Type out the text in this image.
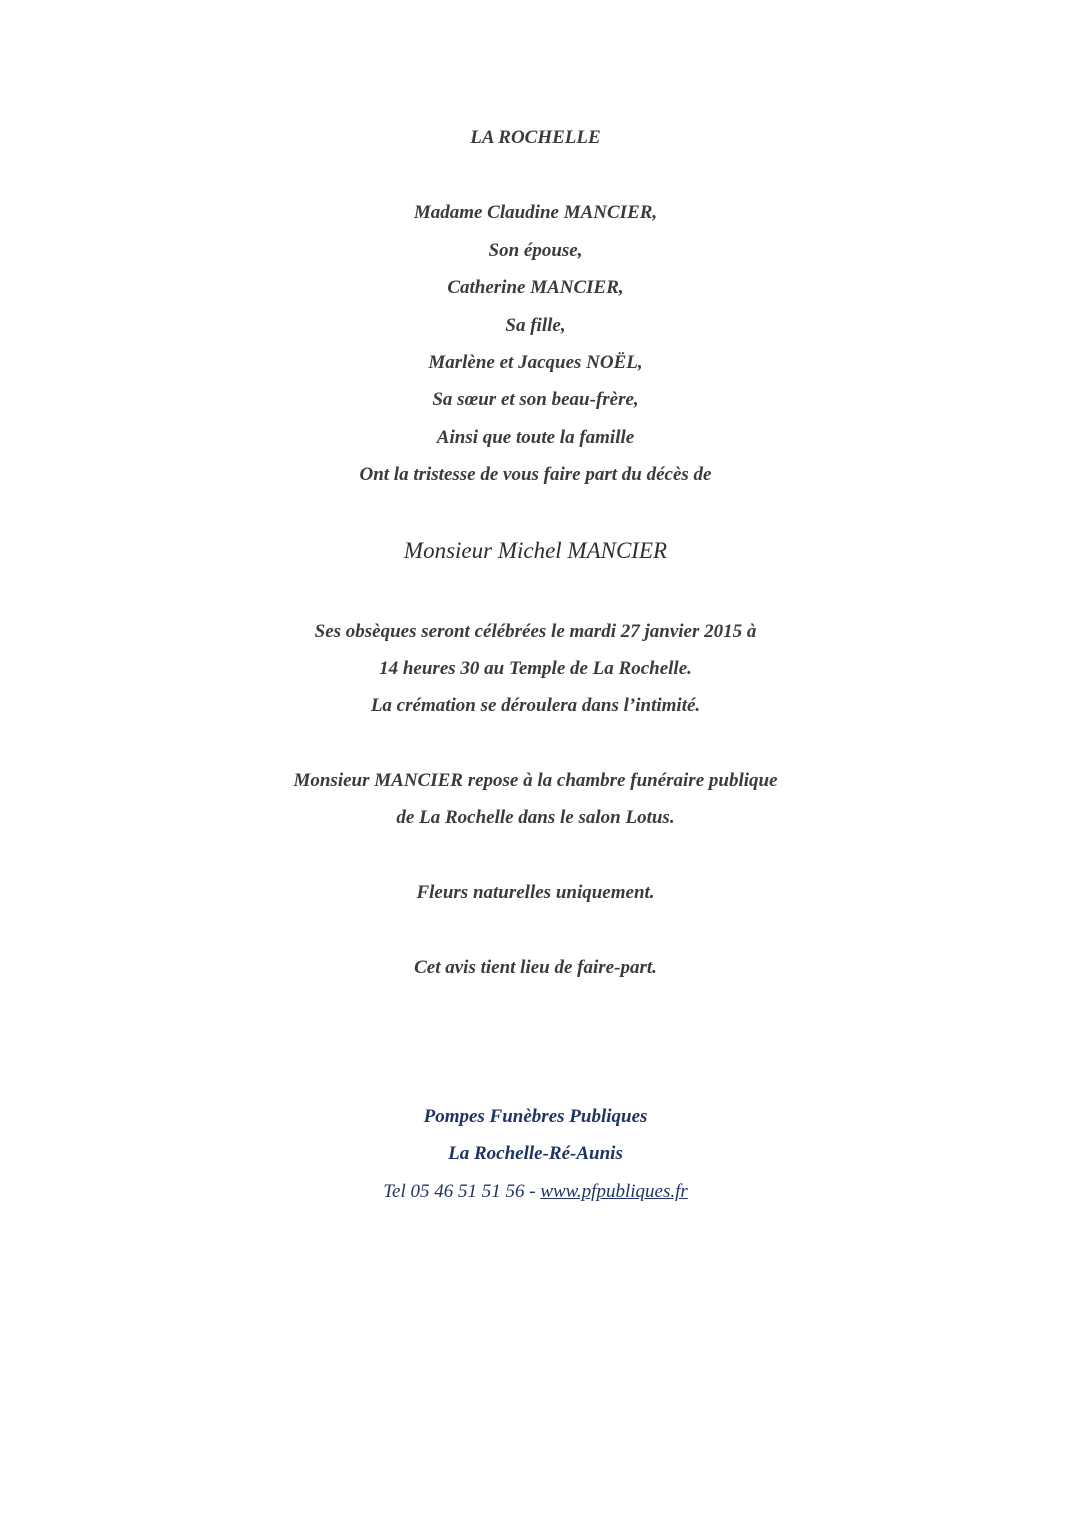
LA ROCHELLE
Madame Claudine MANCIER,
Son épouse,
Catherine MANCIER,
Sa fille,
Marlène et Jacques NOËL,
Sa sœur et son beau-frère,
Ainsi que toute la famille
Ont la tristesse de vous faire part du décès de
Monsieur Michel MANCIER
Ses obsèques seront célébrées le mardi 27 janvier 2015 à
14 heures 30 au Temple de La Rochelle.
La crémation se déroulera dans l’intimité.
Monsieur MANCIER repose à la chambre funéraire publique
de La Rochelle dans le salon Lotus.
Fleurs naturelles uniquement.
Cet avis tient lieu de faire-part.
Pompes Funèbres Publiques
La Rochelle-Ré-Aunis
Tel 05 46 51 51 56 - www.pfpubliques.fr
